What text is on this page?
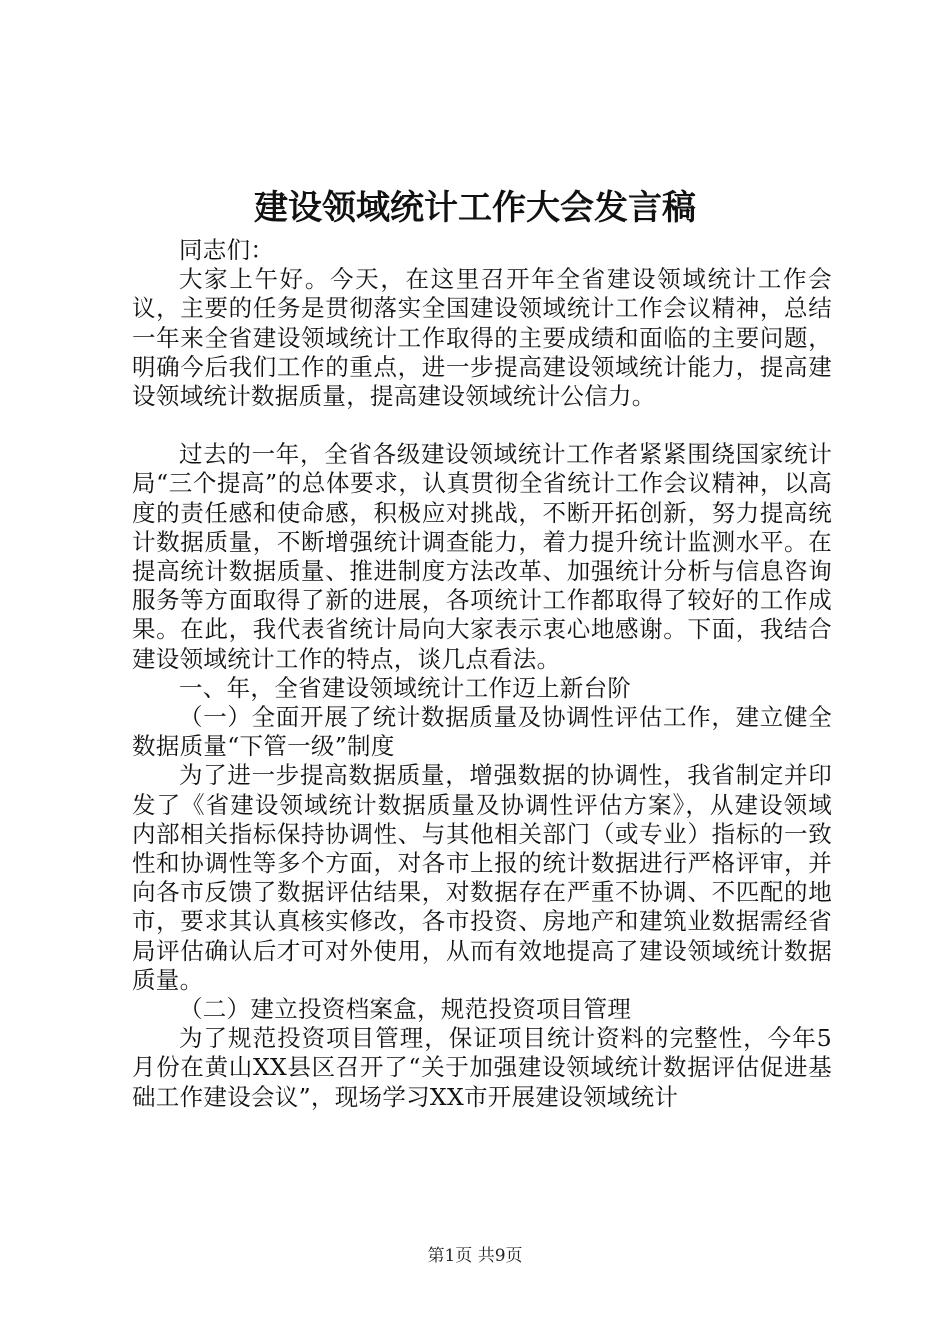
建设领域统计工作大会发言稿

同志们：

大家上午好。今天，在这里召开年全省建设领域统计工作会议，主要的任务是贯彻落实全国建设领域统计工作会议精神，总结一年来全省建设领域统计工作取得的主要成绩和面临的主要问题，明确今后我们工作的重点，进一步提高建设领域统计能力，提高建设领域统计数据质量，提高建设领域统计公信力。

过去的一年，全省各级建设领域统计工作者紧紧围绕国家统计局“三个提高”的总体要求，认真贯彻全省统计工作会议精神，以高度的责任感和使命感，积极应对挑战，不断开拓创新，努力提高统计数据质量，不断增强统计调查能力，着力提升统计监测水平。在提高统计数据质量、推进制度方法改革、加强统计分析与信息咨询服务等方面取得了新的进展，各项统计工作都取得了较好的工作成果。在此，我代表省统计局向大家表示衷心地感谢。下面，我结合建设领域统计工作的特点，谈几点看法。

一、年，全省建设领域统计工作迈上新台阶

（一）全面开展了统计数据质量及协调性评估工作，建立健全数据质量“下管一级”制度

为了进一步提高数据质量，增强数据的协调性，我省制定并印发了《省建设领域统计数据质量及协调性评估方案》，从建设领域内部相关指标保持协调性、与其他相关部门（或专业）指标的一致性和协调性等多个方面，对各市上报的统计数据进行严格评审，并向各市反馈了数据评估结果，对数据存在严重不协调、不匹配的地市，要求其认真核实修改，各市投资、房地产和建筑业数据需经省局评估确认后才可对外使用，从而有效地提高了建设领域统计数据质量。

（二）建立投资档案盒，规范投资项目管理

为了规范投资项目管理，保证项目统计资料的完整性，今年5月份在黄山XX县区召开了“关于加强建设领域统计数据评估促进基础工作建设会议”，现场学习XX市开展建设领域统计

第1页 共9页
